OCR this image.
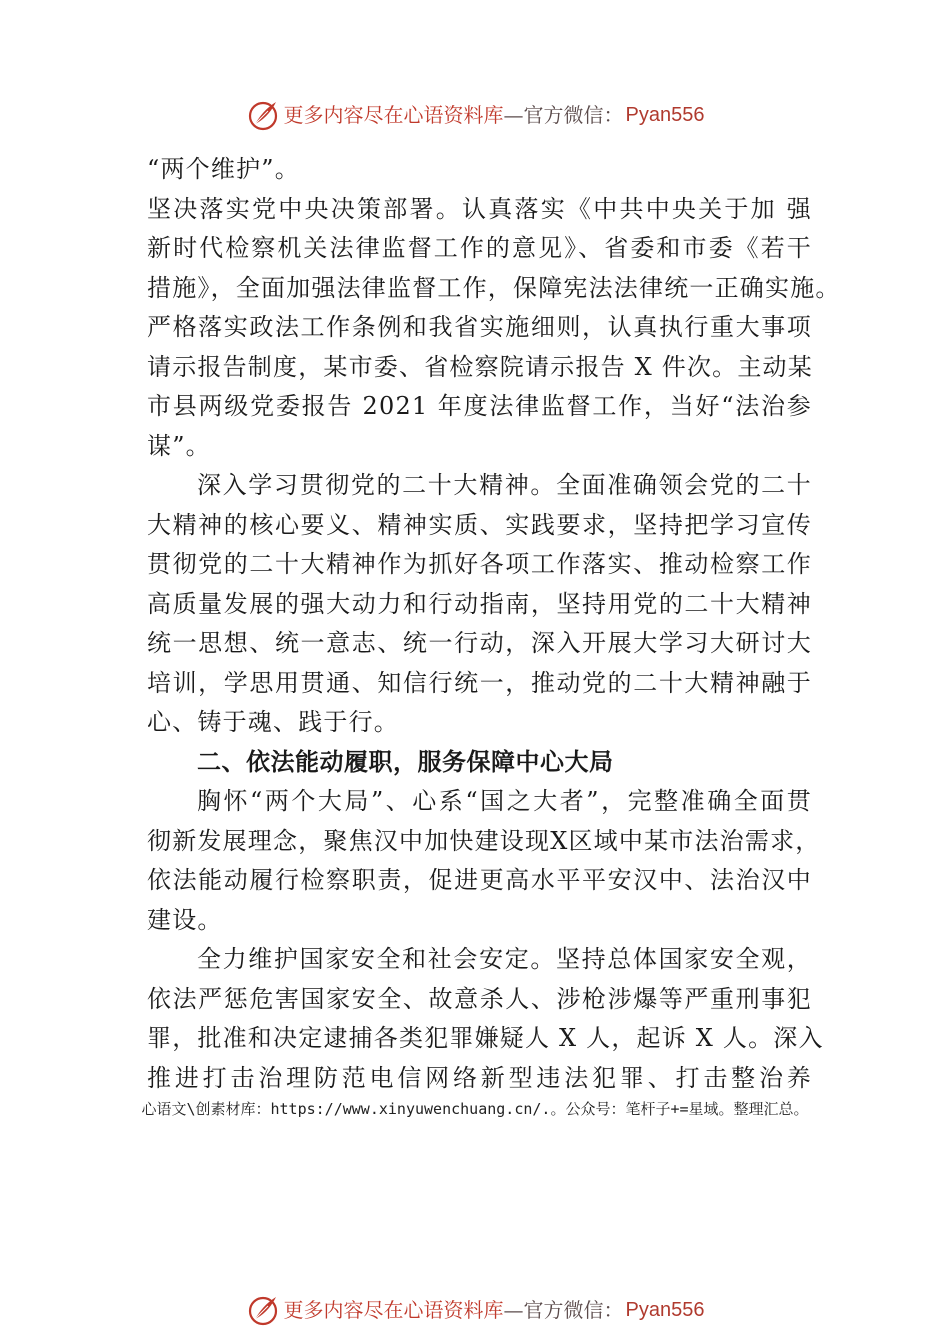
更多内容尽在心语资料库 —官方微信： Pyan556
“两个维护”。
坚决落实党中央决策部署。认真落实《中共中央关于加 强
新时代检察机关法律监督工作的意见》、省委和市委《若干
措施》，全面加强法律监督工作，保障宪法法律统一正确实施。
严格落实政法工作条例和我省实施细则，认真执行重大事项
请示报告制度，某市委、省检察院请示报告 X 件次。主动某
市县两级党委报告 2021 年度法律监督工作，当好“法治参
谋”。
深入学习贯彻党的二十大精神。全面准确领会党的二十
大精神的核心要义、精神实质、实践要求，坚持把学习宣传
贯彻党的二十大精神作为抓好各项工作落实、推动检察工作
高质量发展的强大动力和行动指南，坚持用党的二十大精神
统一思想、统一意志、统一行动，深入开展大学习大研讨大
培训，学思用贯通、知信行统一，推动党的二十大精神融于
心、铸于魂、践于行。
二、依法能动履职，服务保障中心大局
胸怀“两个大局”、心系“国之大者”，完整准确全面贯
彻新发展理念，聚焦汉中加快建设现X区域中某市法治需求，
依法能动履行检察职责，促进更高水平平安汉中、法治汉中
建设。
全力维护国家安全和社会安定。坚持总体国家安全观，
依法严惩危害国家安全、故意杀人、涉枪涉爆等严重刑事犯
罪，批准和决定逮捕各类犯罪嫌疑人 X 人，起诉 X 人。深入
推进打击治理防范电信网络新型违法犯罪、打击整治养
心语文\创素材库：https://www.xinyuwenchuang.cn/.。公众号：笔杆子+=星域。整理汇总。
更多内容尽在心语资料库 —官方微信： Pyan556
